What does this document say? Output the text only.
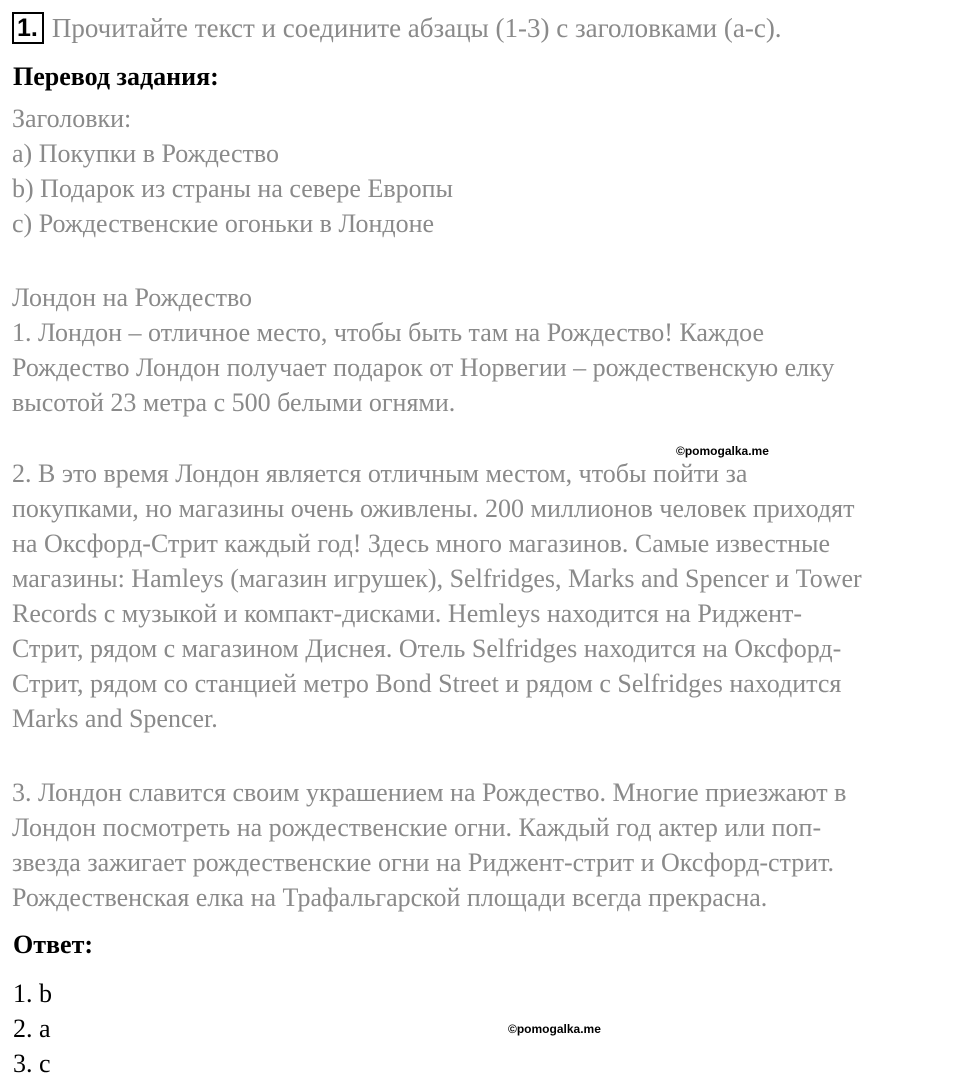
1. Прочитайте текст и соедините абзацы (1-3) с заголовками (a-c).
Перевод задания:
Заголовки:
a) Покупки в Рождество
b) Подарок из страны на севере Европы
c) Рождественские огоньки в Лондоне
Лондон на Рождество
1. Лондон – отличное место, чтобы быть там на Рождество! Каждое
Рождество Лондон получает подарок от Норвегии – рождественскую елку
высотой 23 метра с 500 белыми огнями.
©pomogalka.me
2. В это время Лондон является отличным местом, чтобы пойти за
покупками, но магазины очень оживлены. 200 миллионов человек приходят
на Оксфорд-Стрит каждый год! Здесь много магазинов. Самые известные
магазины: Hamleys (магазин игрушек), Selfridges, Marks and Spencer и Tower
Records с музыкой и компакт-дисками. Hemleys находится на Риджент-
Стрит, рядом с магазином Диснея. Отель Selfridges находится на Оксфорд-
Стрит, рядом со станцией метро Bond Street и рядом с Selfridges находится
Marks and Spencer.
3. Лондон славится своим украшением на Рождество. Многие приезжают в
Лондон посмотреть на рождественские огни. Каждый год актер или поп-
звезда зажигает рождественские огни на Риджент-стрит и Оксфорд-стрит.
Рождественская елка на Трафальгарской площади всегда прекрасна.
Ответ:
1. b
2. a
3. c
©pomogalka.me
